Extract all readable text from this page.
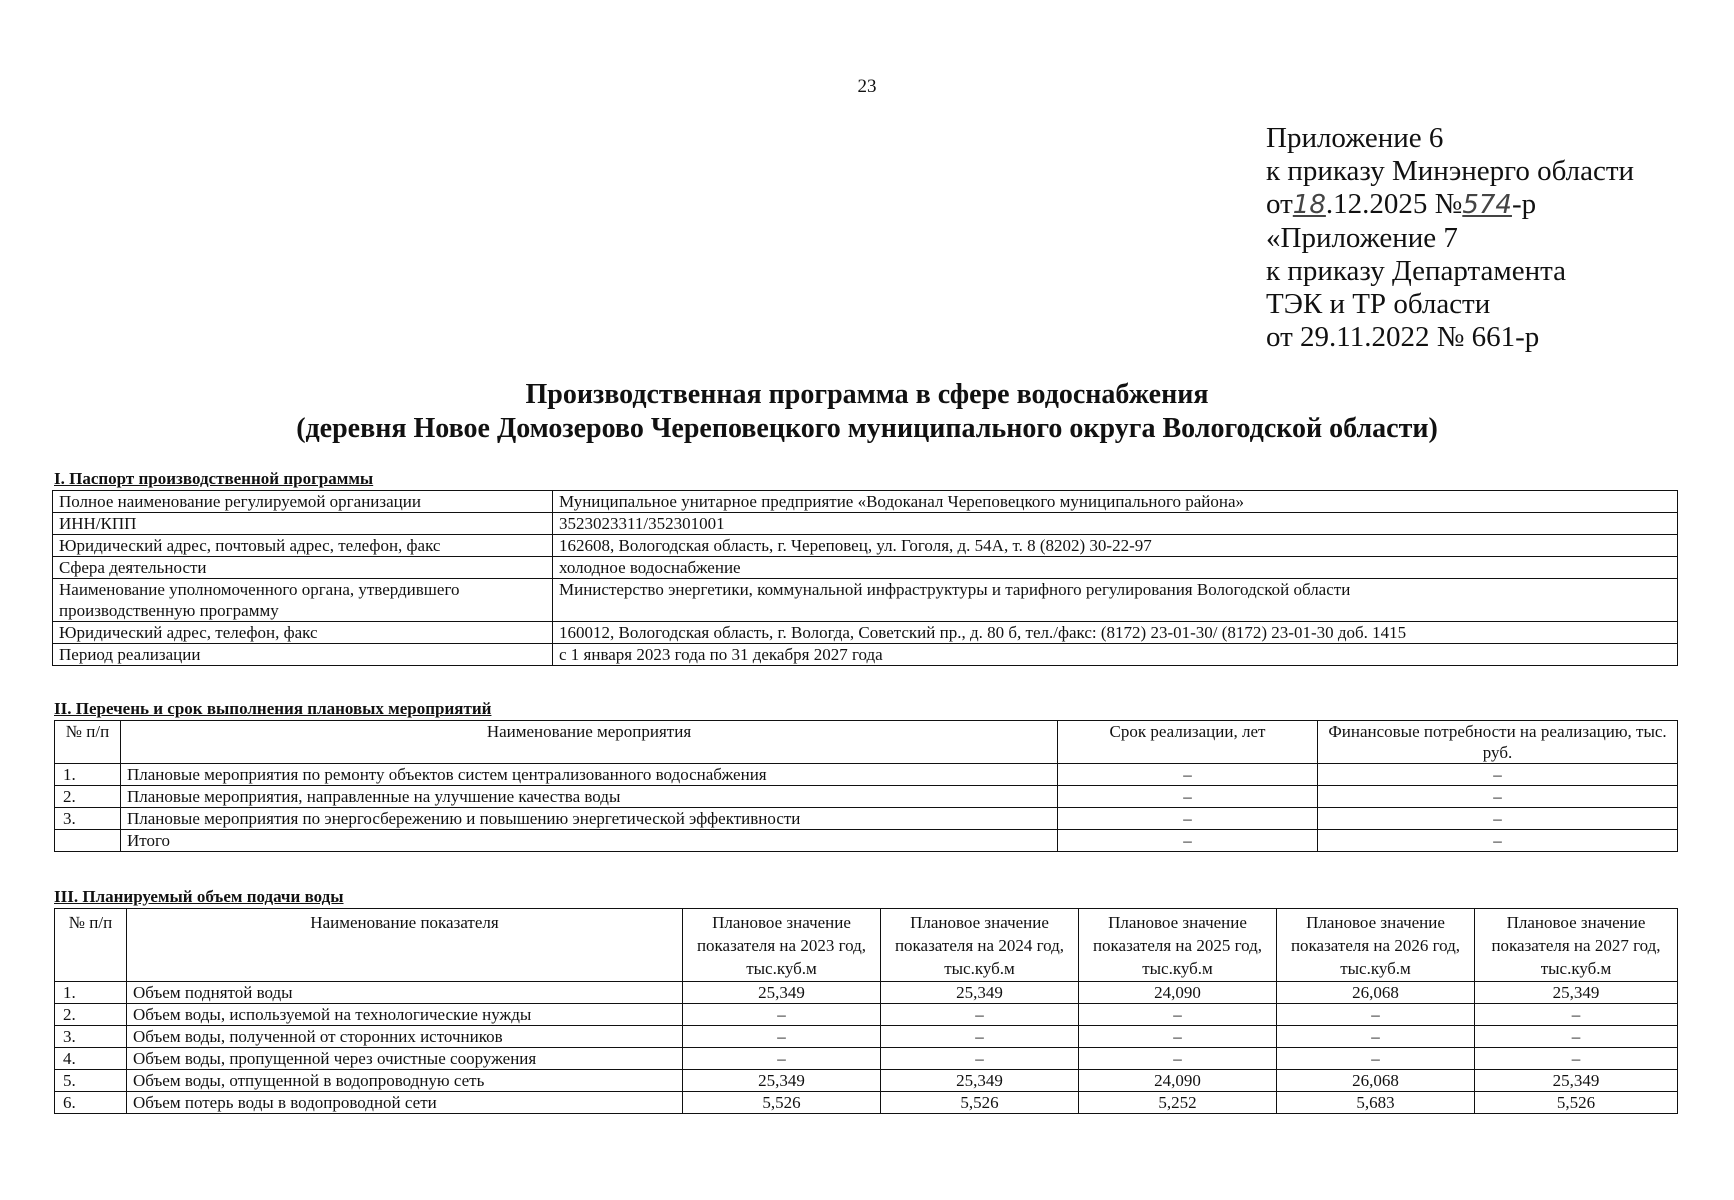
23
Приложение 6
к приказу Минэнерго области
от18.12.2025 №574-р
«Приложение 7
к приказу Департамента
ТЭК и ТР области
от 29.11.2022 № 661-р
Производственная программа в сфере водоснабжения
(деревня Новое Домозерово Череповецкого муниципального округа Вологодской области)
I. Паспорт производственной программы
Полное наименование регулируемой организации	Муниципальное унитарное предприятие «Водоканал Череповецкого муниципального района»
ИНН/КПП	3523023311/352301001
Юридический адрес, почтовый адрес, телефон, факс	162608, Вологодская область, г. Череповец, ул. Гоголя, д. 54А, т. 8 (8202) 30-22-97
Сфера деятельности	холодное водоснабжение
Наименование уполномоченного органа, утвердившего производственную программу	Министерство энергетики, коммунальной инфраструктуры и тарифного регулирования Вологодской области
Юридический адрес, телефон, факс	160012, Вологодская область, г. Вологда, Советский пр., д. 80 б, тел./факс: (8172) 23-01-30/ (8172) 23-01-30 доб. 1415
Период реализации	с 1 января 2023 года по 31 декабря 2027 года
II. Перечень и срок выполнения плановых мероприятий
№ п/п	Наименование мероприятия	Срок реализации, лет	Финансовые потребности на реализацию, тыс. руб.
1.	Плановые мероприятия по ремонту объектов систем централизованного водоснабжения	–	–
2.	Плановые мероприятия, направленные на улучшение качества воды	–	–
3.	Плановые мероприятия по энергосбережению и повышению энергетической эффективности	–	–
	Итого	–	–
III. Планируемый объем подачи воды
№ п/п	Наименование показателя	Плановое значение показателя на 2023 год, тыс.куб.м	Плановое значение показателя на 2024 год, тыс.куб.м	Плановое значение показателя на 2025 год, тыс.куб.м	Плановое значение показателя на 2026 год, тыс.куб.м	Плановое значение показателя на 2027 год, тыс.куб.м
1.	Объем поднятой воды	25,349	25,349	24,090	26,068	25,349
2.	Объем воды, используемой на технологические нужды	–	–	–	–	–
3.	Объем воды, полученной от сторонних источников	–	–	–	–	–
4.	Объем воды, пропущенной через очистные сооружения	–	–	–	–	–
5.	Объем воды, отпущенной в водопроводную сеть	25,349	25,349	24,090	26,068	25,349
6.	Объем потерь воды в водопроводной сети	5,526	5,526	5,252	5,683	5,526
